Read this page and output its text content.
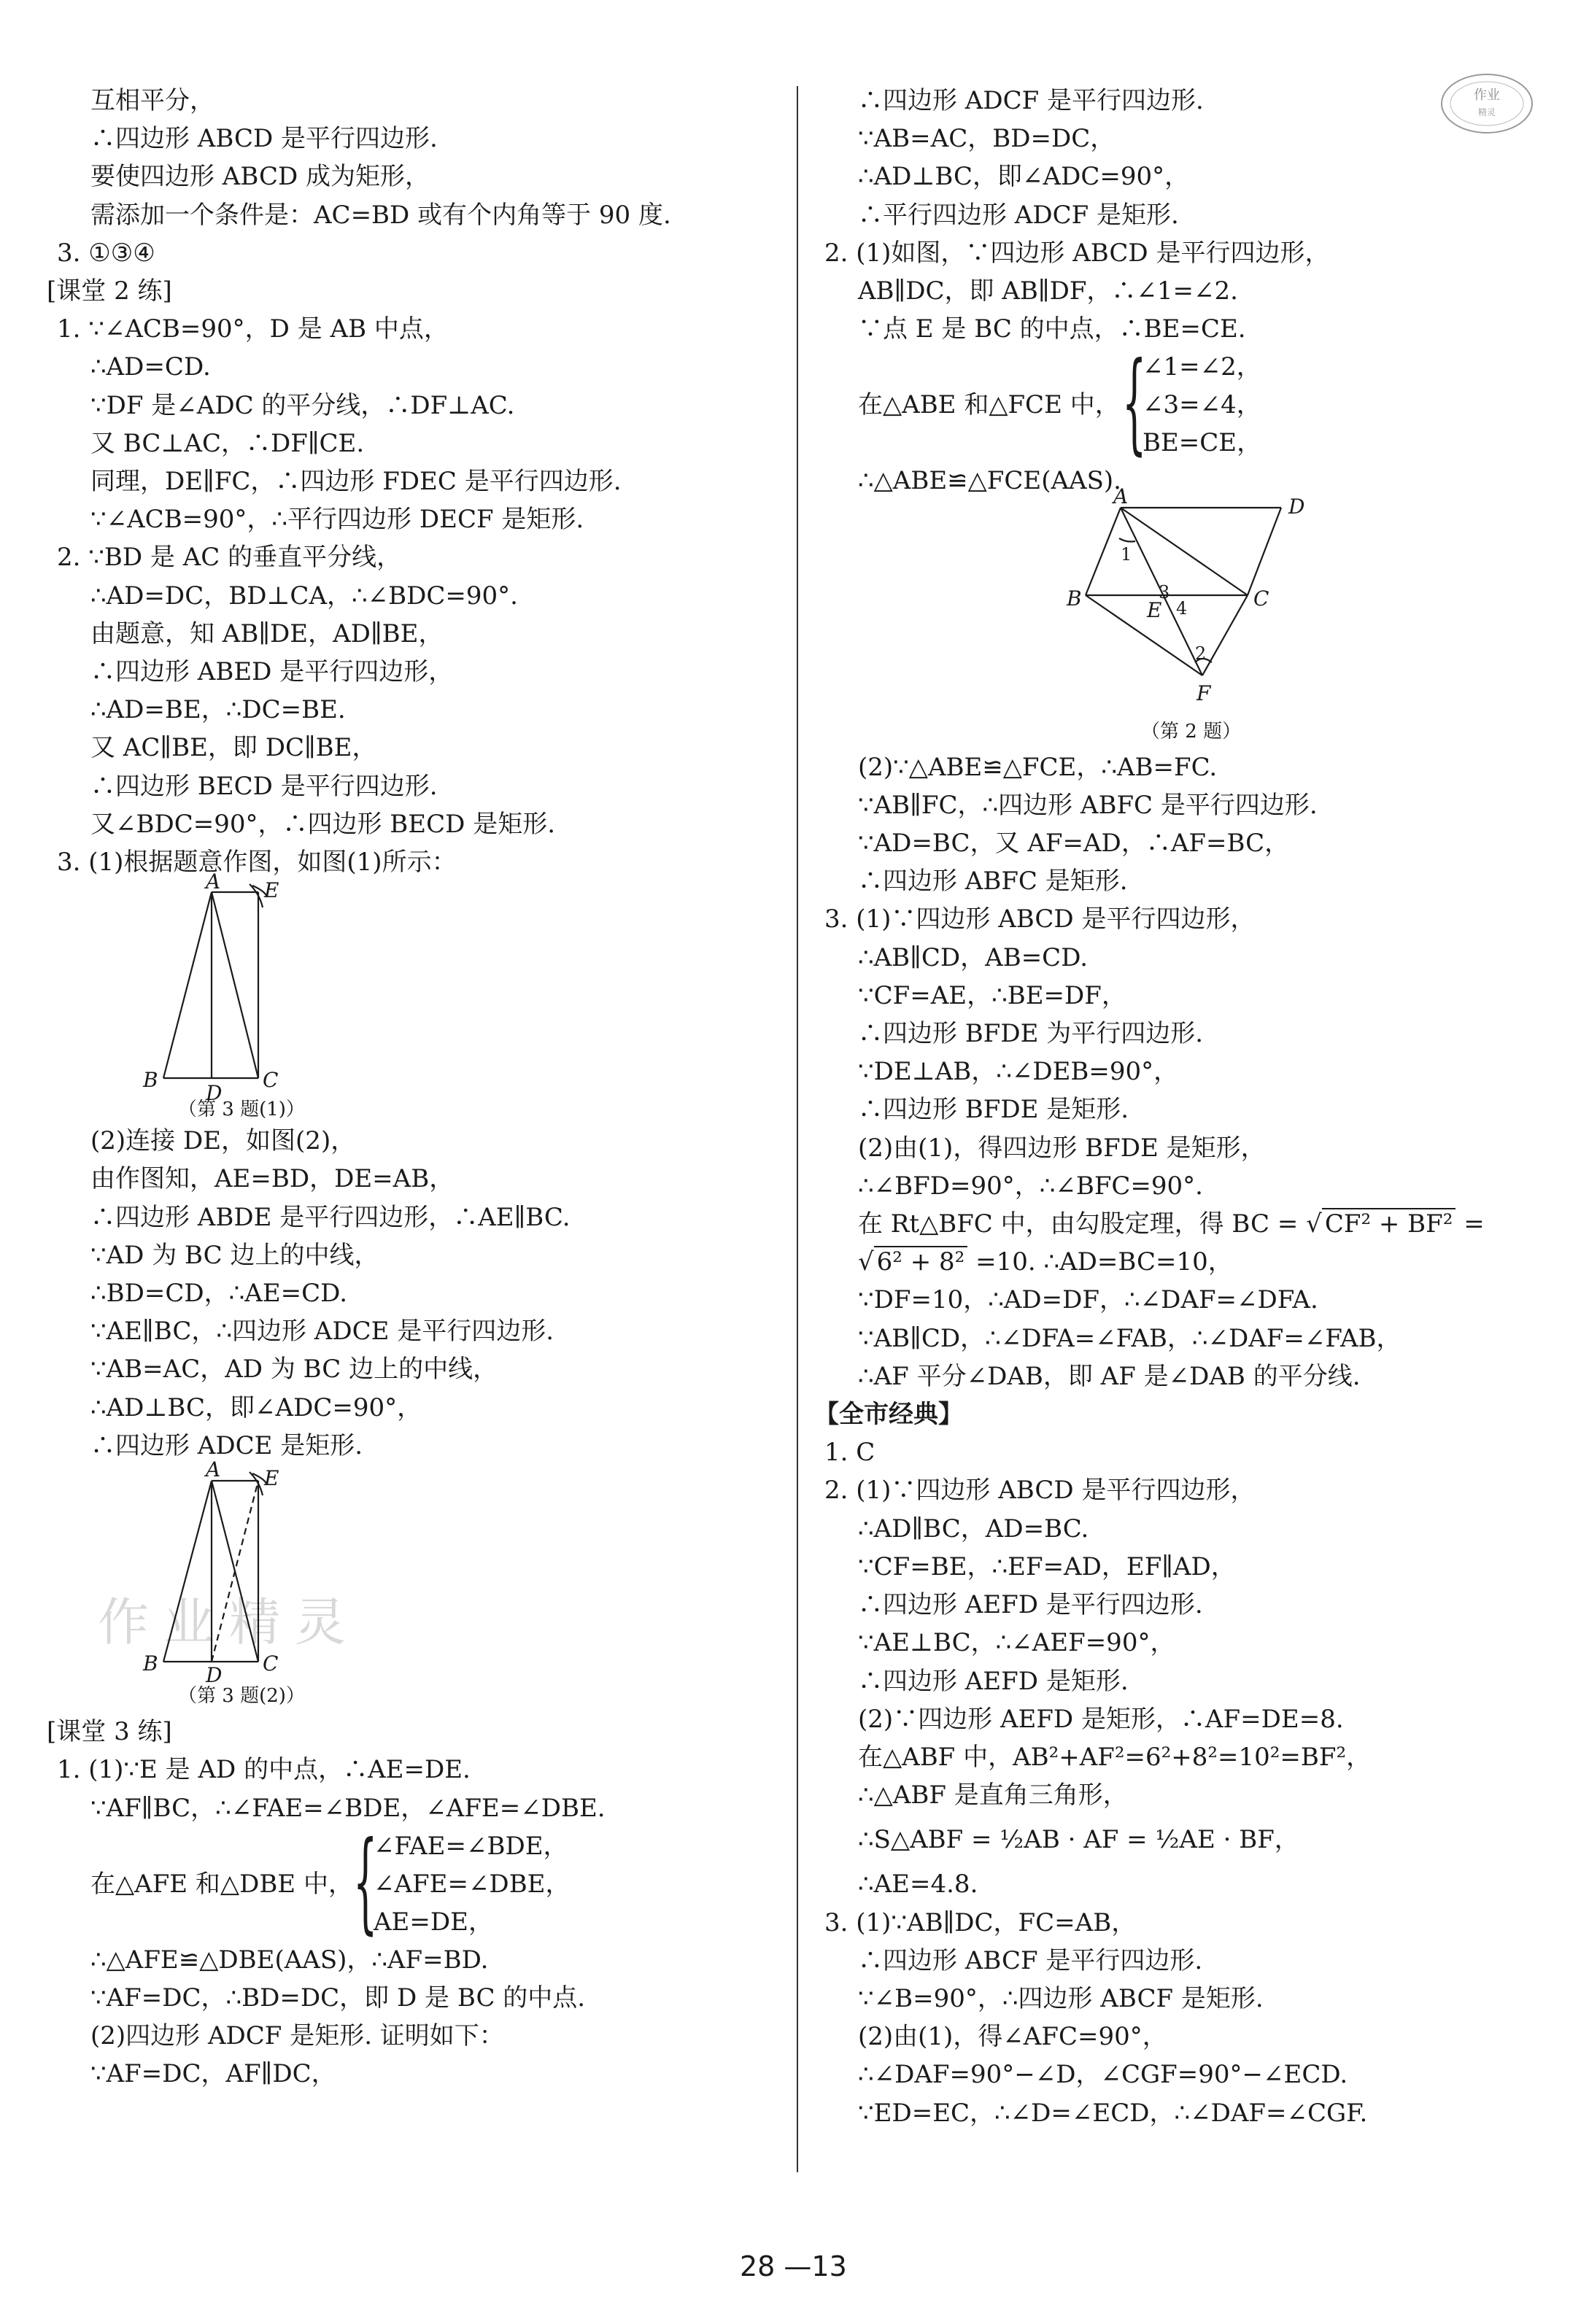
作业
精灵
互相平分，
∴四边形 ABCD 是平行四边形.
要使四边形 ABCD 成为矩形，
需添加一个条件是：AC=BD 或有个内角等于 90 度.
3. ①③④
[课堂 2 练]
1. ∵∠ACB=90°，D 是 AB 中点，
∴AD=CD.
∵DF 是∠ADC 的平分线，∴DF⊥AC.
又 BC⊥AC，∴DF∥CE.
同理，DE∥FC，∴四边形 FDEC 是平行四边形.
∵∠ACB=90°，∴平行四边形 DECF 是矩形.
2. ∵BD 是 AC 的垂直平分线，
∴AD=DC，BD⊥CA，∴∠BDC=90°.
由题意，知 AB∥DE，AD∥BE，
∴四边形 ABED 是平行四边形，
∴AD=BE，∴DC=BE.
又 AC∥BE，即 DC∥BE，
∴四边形 BECD 是平行四边形.
又∠BDC=90°，∴四边形 BECD 是矩形.
3. (1)根据题意作图，如图(1)所示：
A E
B
D
C
（第 3 题(1)）
(2)连接 DE，如图(2)，
由作图知，AE=BD，DE=AB，
∴四边形 ABDE 是平行四边形，∴AE∥BC.
∵AD 为 BC 边上的中线，
∴BD=CD，∴AE=CD.
∵AE∥BC，∴四边形 ADCE 是平行四边形.
∵AB=AC，AD 为 BC 边上的中线，
∴AD⊥BC，即∠ADC=90°，
∴四边形 ADCE 是矩形.
作业精灵
A E
B D C
（第 3 题(2)）
[课堂 3 练]
1. (1)∵E 是 AD 的中点，∴AE=DE.
∵AF∥BC，∴∠FAE=∠BDE，∠AFE=∠DBE.
在△AFE 和△DBE 中， {
∠FAE=∠BDE，
∠AFE=∠DBE，
AE=DE，
∴△AFE≌△DBE(AAS)，∴AF=BD.
∵AF=DC，∴BD=DC，即 D 是 BC 的中点.
(2)四边形 ADCF 是矩形. 证明如下：
∵AF=DC，AF∥DC，
∴四边形 ADCF 是平行四边形.
∵AB=AC，BD=DC，
∴AD⊥BC，即∠ADC=90°，
∴平行四边形 ADCF 是矩形.
2. (1)如图，∵四边形 ABCD 是平行四边形，
AB∥DC，即 AB∥DF，∴∠1=∠2.
∵点 E 是 BC 的中点，∴BE=CE.
在△ABE 和△FCE 中， {
∠1=∠2，
∠3=∠4，
BE=CE，
∴△ABE≌△FCE(AAS).
A	D
B	C
E
F
1
3
4
2
（第 2 题）
(2)∵△ABE≌△FCE，∴AB=FC.
∵AB∥FC，∴四边形 ABFC 是平行四边形.
∵AD=BC，又 AF=AD，∴AF=BC，
∴四边形 ABFC 是矩形.
3. (1)∵四边形 ABCD 是平行四边形，
∴AB∥CD，AB=CD.
∵CF=AE，∴BE=DF，
∴四边形 BFDE 为平行四边形.
∵DE⊥AB，∴∠DEB=90°，
∴四边形 BFDE 是矩形.
(2)由(1)，得四边形 BFDE 是矩形，
∴∠BFD=90°，∴∠BFC=90°.
在 Rt△BFC 中，由勾股定理，得 BC = √ CF² + BF² =
√ 6² + 8² =10. ∴AD=BC=10，
∵DF=10，∴AD=DF，∴∠DAF=∠DFA.
∵AB∥CD，∴∠DFA=∠FAB，∴∠DAF=∠FAB，
∴AF 平分∠DAB，即 AF 是∠DAB 的平分线.
【全市经典】
1. C
2. (1)∵四边形 ABCD 是平行四边形，
∴AD∥BC，AD=BC.
∵CF=BE，∴EF=AD，EF∥AD，
∴四边形 AEFD 是平行四边形.
∵AE⊥BC，∴∠AEF=90°，
∴四边形 AEFD 是矩形.
(2)∵四边形 AEFD 是矩形，∴AF=DE=8.
在△ABF 中，AB²+AF²=6²+8²=10²=BF²，
∴△ABF 是直角三角形，
∴S△ABF = ½AB · AF = ½AE · BF，
∴AE=4.8.
3. (1)∵AB∥DC，FC=AB，
∴四边形 ABCF 是平行四边形.
∵∠B=90°，∴四边形 ABCF 是矩形.
(2)由(1)，得∠AFC=90°，
∴∠DAF=90°−∠D，∠CGF=90°−∠ECD.
∵ED=EC，∴∠D=∠ECD，∴∠DAF=∠CGF.
28 —13
